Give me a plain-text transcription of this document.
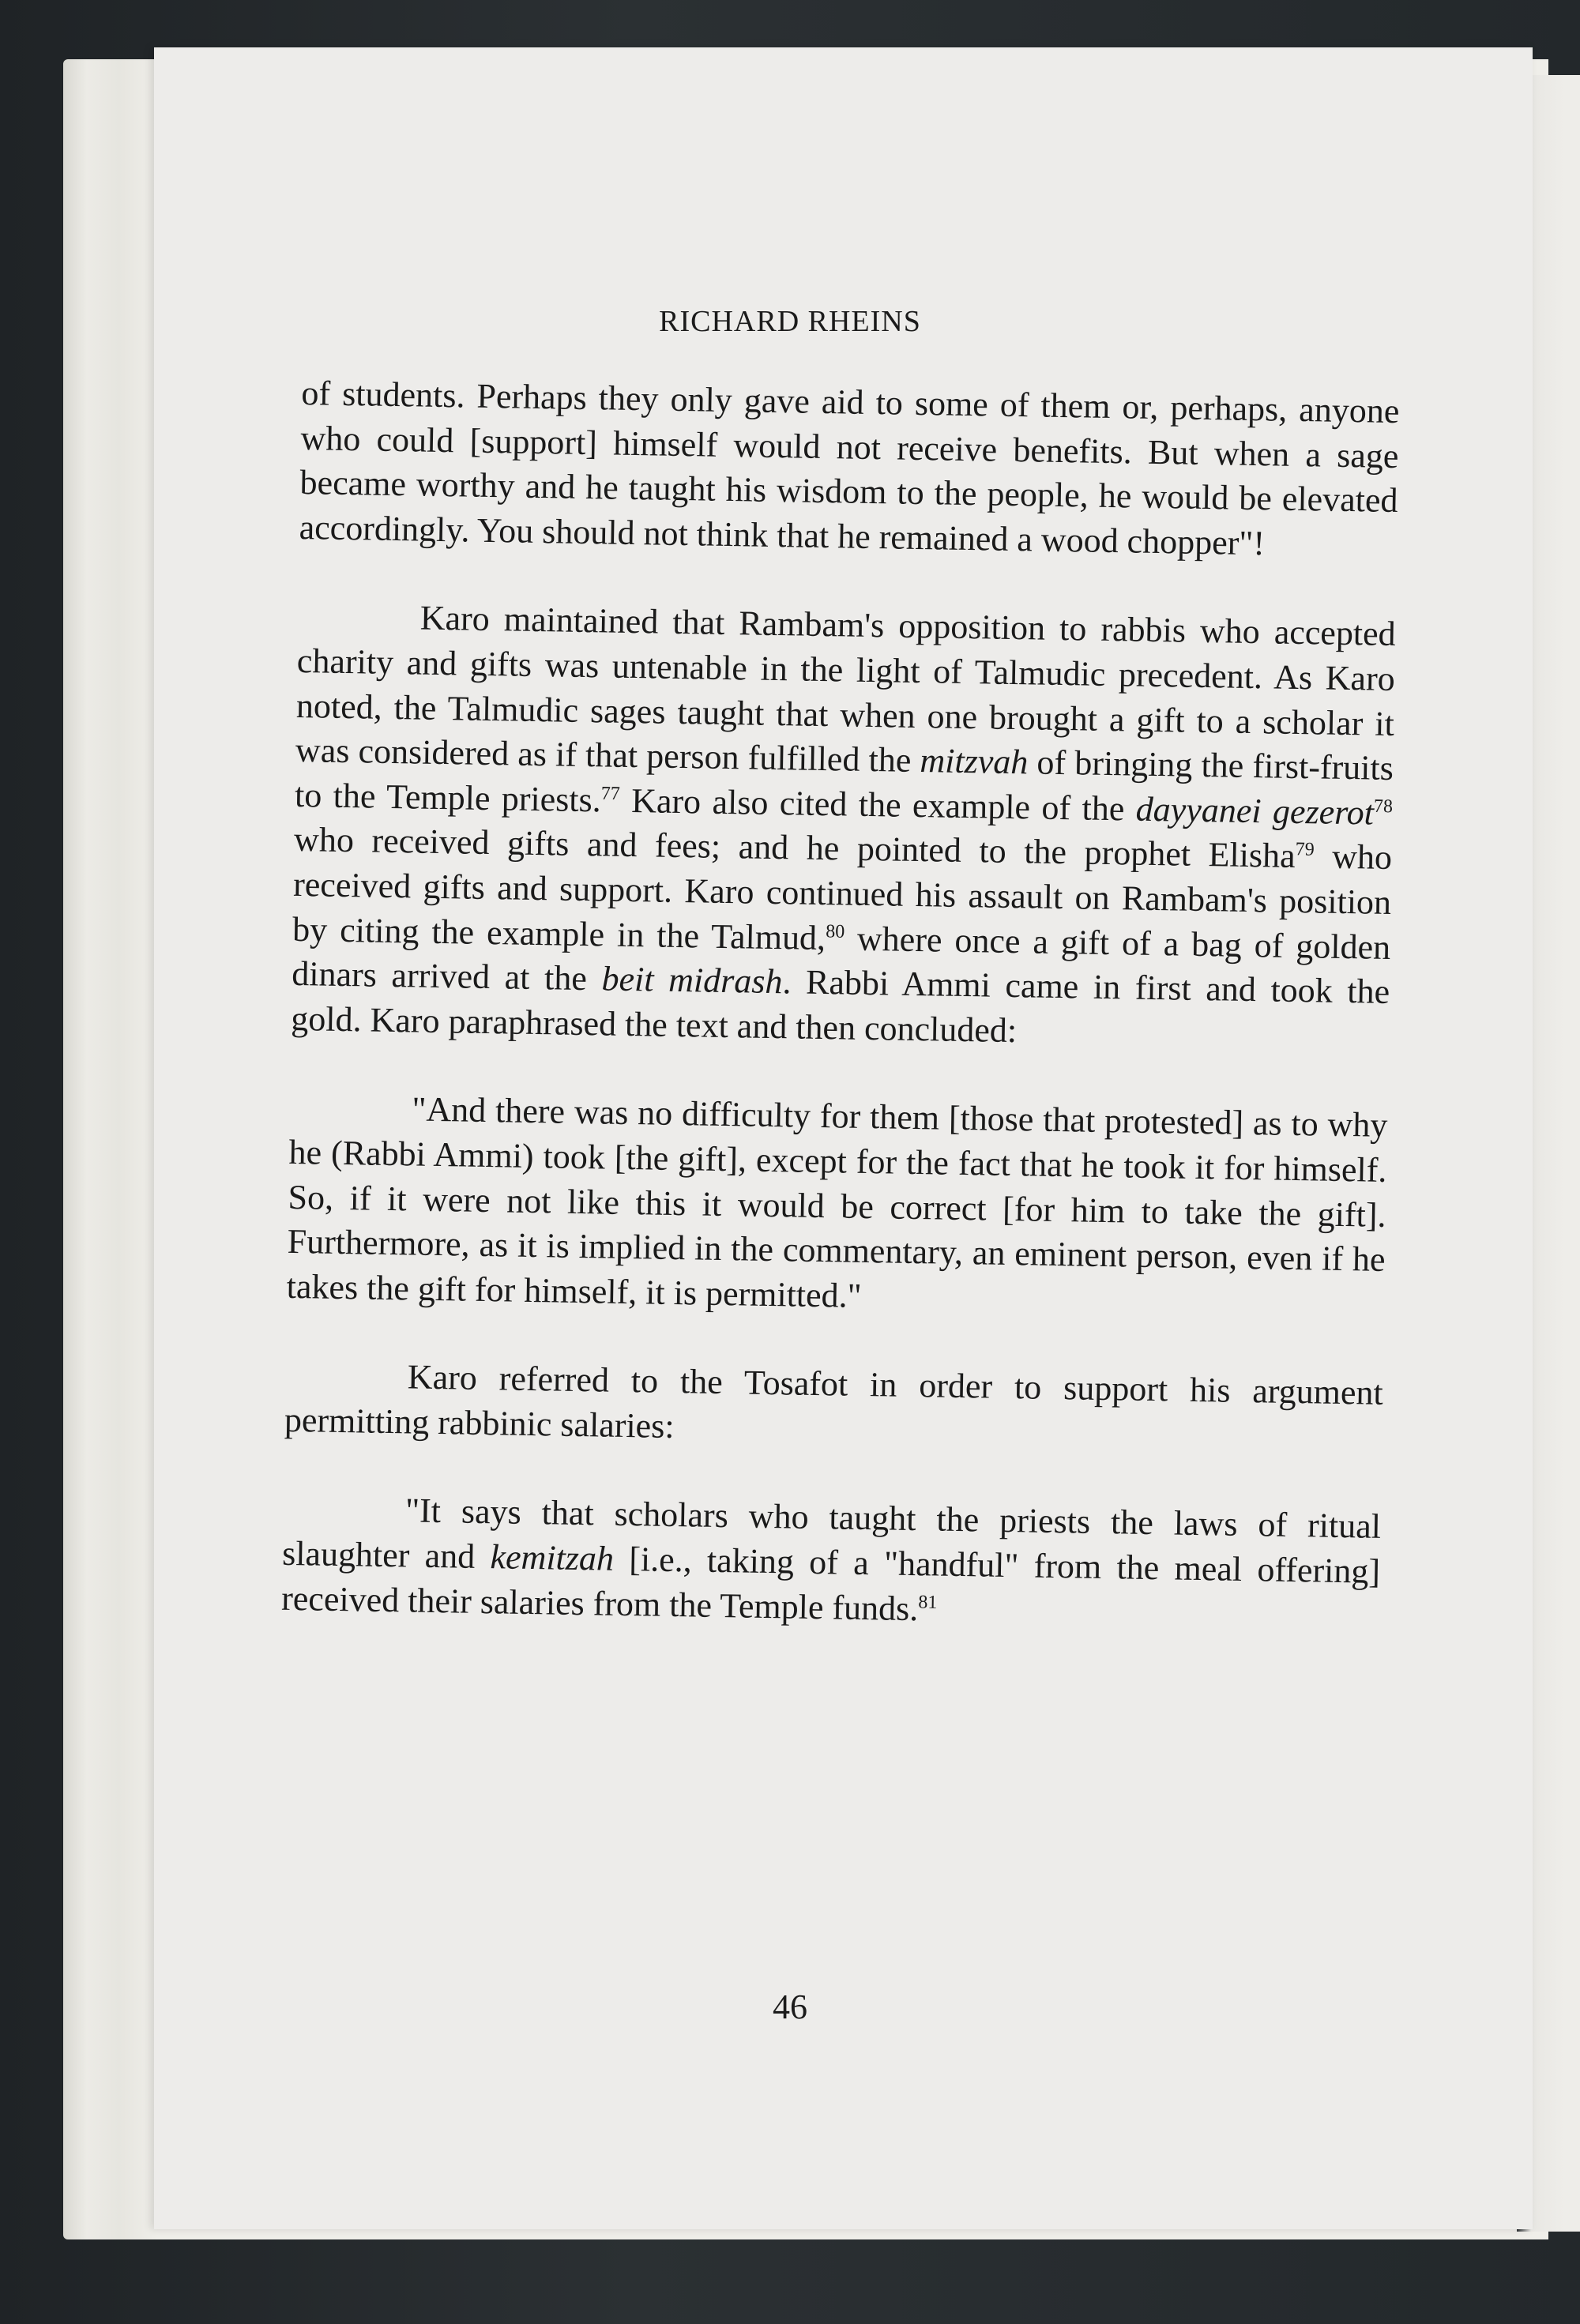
RICHARD RHEINS

of students. Perhaps they only gave aid to some of them or, perhaps, anyone who could [support] himself would not receive benefits. But when a sage became worthy and he taught his wisdom to the people, he would be elevated accordingly. You should not think that he remained a wood chopper"!

Karo maintained that Rambam's opposition to rabbis who accepted charity and gifts was untenable in the light of Talmudic precedent. As Karo noted, the Talmudic sages taught that when one brought a gift to a scholar it was considered as if that person fulfilled the mitzvah of bringing the first-fruits to the Temple priests.$^{77}$ Karo also cited the example of the dayyanei gezerot$^{78}$ who received gifts and fees; and he pointed to the prophet Elisha$^{79}$ who received gifts and support. Karo continued his assault on Rambam's position by citing the example in the Talmud,$^{80}$ where once a gift of a bag of golden dinars arrived at the beit midrash. Rabbi Ammi came in first and took the gold. Karo paraphrased the text and then concluded:

"And there was no difficulty for them [those that protested] as to why he (Rabbi Ammi) took [the gift], except for the fact that he took it for himself. So, if it were not like this it would be correct [for him to take the gift]. Furthermore, as it is implied in the commentary, an eminent person, even if he takes the gift for himself, it is permitted."

Karo referred to the Tosafot in order to support his argument permitting rabbinic salaries:

"It says that scholars who taught the priests the laws of ritual slaughter and kemitzah [i.e., taking of a "handful" from the meal offering] received their salaries from the Temple funds.$^{81}$

46
